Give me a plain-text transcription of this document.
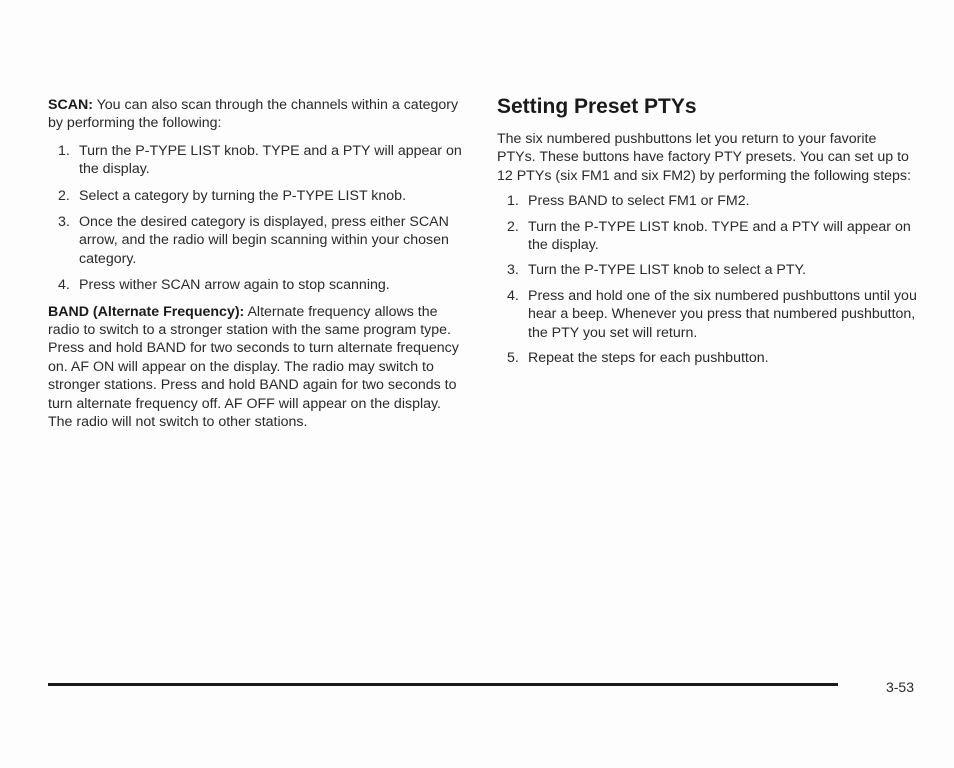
SCAN: You can also scan through the channels within a category by performing the following:

1. Turn the P-TYPE LIST knob. TYPE and a PTY will appear on the display.
2. Select a category by turning the P-TYPE LIST knob.
3. Once the desired category is displayed, press either SCAN arrow, and the radio will begin scanning within your chosen category.
4. Press wither SCAN arrow again to stop scanning.

BAND (Alternate Frequency): Alternate frequency allows the radio to switch to a stronger station with the same program type. Press and hold BAND for two seconds to turn alternate frequency on. AF ON will appear on the display. The radio may switch to stronger stations. Press and hold BAND again for two seconds to turn alternate frequency off. AF OFF will appear on the display. The radio will not switch to other stations.

Setting Preset PTYs

The six numbered pushbuttons let you return to your favorite PTYs. These buttons have factory PTY presets. You can set up to 12 PTYs (six FM1 and six FM2) by performing the following steps:

1. Press BAND to select FM1 or FM2.
2. Turn the P-TYPE LIST knob. TYPE and a PTY will appear on the display.
3. Turn the P-TYPE LIST knob to select a PTY.
4. Press and hold one of the six numbered pushbuttons until you hear a beep. Whenever you press that numbered pushbutton, the PTY you set will return.
5. Repeat the steps for each pushbutton.
3-53
